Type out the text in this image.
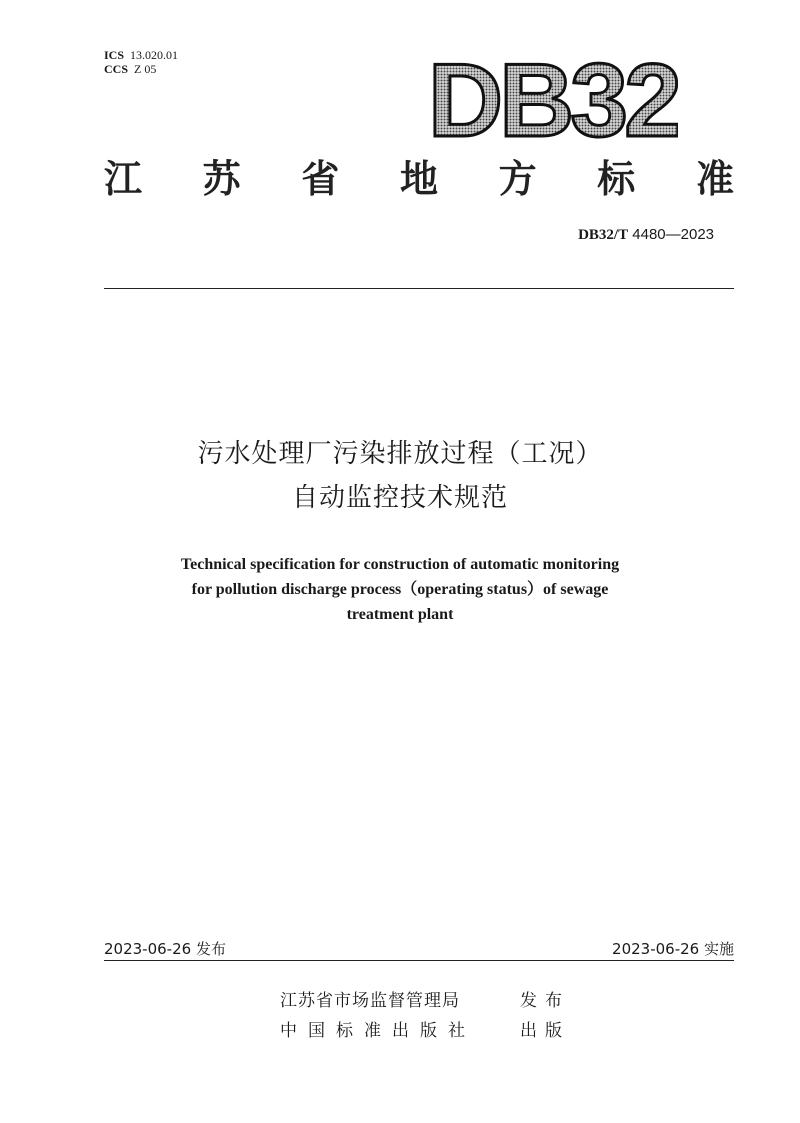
ICS 13.020.01
CCS Z 05	DB32
江 苏 省 地 方 标 准
DB32/T 4480—2023
污水处理厂污染排放过程（工况）
自动监控技术规范
Technical specification for construction of automatic monitoring
for pollution discharge process（operating status）of sewage
treatment plant
2023-06-26 发布	2023-06-26 实施
江苏省市场监督管理局	发布
中国标准出版社	出版
